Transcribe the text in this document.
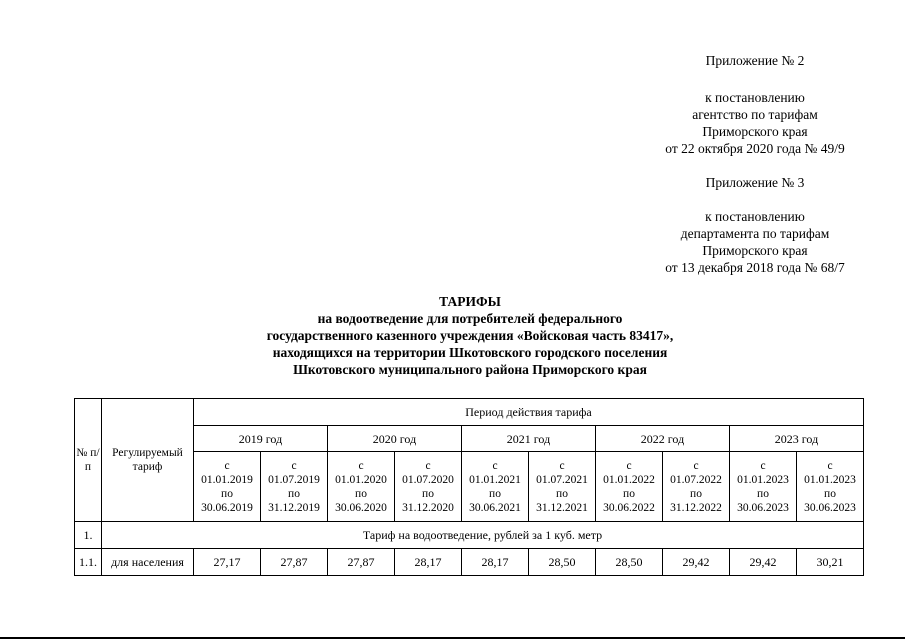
Приложение № 2
к постановлению
агентство по тарифам
Приморского края
от 22 октября 2020 года № 49/9
Приложение № 3
к постановлению
департамента по тарифам
Приморского края
от 13 декабря 2018 года № 68/7
ТАРИФЫ
на водоотведение для потребителей федерального
государственного казенного учреждения «Войсковая часть 83417»,
находящихся на территории Шкотовского городского поселения
Шкотовского муниципального района Приморского края
№ п/п	Регулируемый тариф	Период действия тарифа									
		2019 год		2020 год		2021 год		2022 год		2023 год	

		с
01.01.2019
по
30.06.2019	с
01.07.2019
по
31.12.2019	с
01.01.2020
по
30.06.2020	с
01.07.2020
по
31.12.2020	с
01.01.2021
по
30.06.2021	с
01.07.2021
по
31.12.2021	с
01.01.2022
по
30.06.2022	с
01.07.2022
по
31.12.2022	с
01.01.2023
по
30.06.2023	с
01.01.2023
по
30.06.2023

1.	Тариф на водоотведение, рублей за 1 куб. метр										
1.1.	для населения	27,17	27,87	27,87	28,17	28,17	28,50	28,50	29,42	29,42	30,21
